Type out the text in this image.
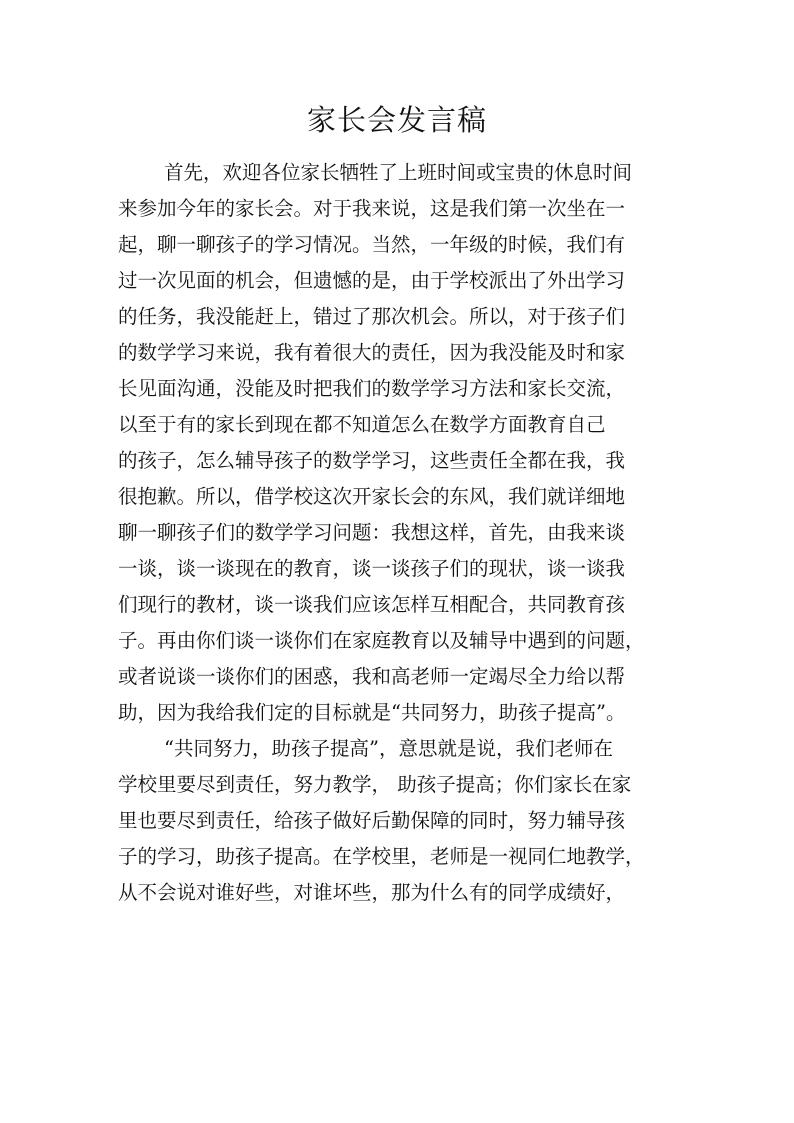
家长会发言稿
首先，欢迎各位家长牺牲了上班时间或宝贵的休息时间
来参加今年的家长会。对于我来说，这是我们第一次坐在一
起，聊一聊孩子的学习情况。当然，一年级的时候，我们有
过一次见面的机会，但遗憾的是，由于学校派出了外出学习
的任务，我没能赶上，错过了那次机会。所以，对于孩子们
的数学学习来说，我有着很大的责任，因为我没能及时和家
长见面沟通，没能及时把我们的数学学习方法和家长交流，
以至于有的家长到现在都不知道怎么在数学方面教育自己
的孩子，怎么辅导孩子的数学学习，这些责任全都在我，我
很抱歉。所以，借学校这次开家长会的东风，我们就详细地
聊一聊孩子们的数学学习问题：我想这样，首先，由我来谈
一谈，谈一谈现在的教育，谈一谈孩子们的现状，谈一谈我
们现行的教材，谈一谈我们应该怎样互相配合，共同教育孩
子。再由你们谈一谈你们在家庭教育以及辅导中遇到的问题，
或者说谈一谈你们的困惑，我和高老师一定竭尽全力给以帮
助，因为我给我们定的目标就是“共同努力，助孩子提高”。
“共同努力，助孩子提高”，意思就是说，我们老师在
学校里要尽到责任，努力教学， 助孩子提高；你们家长在家
里也要尽到责任，给孩子做好后勤保障的同时，努力辅导孩
子的学习，助孩子提高。在学校里，老师是一视同仁地教学，
从不会说对谁好些，对谁坏些，那为什么有的同学成绩好，
